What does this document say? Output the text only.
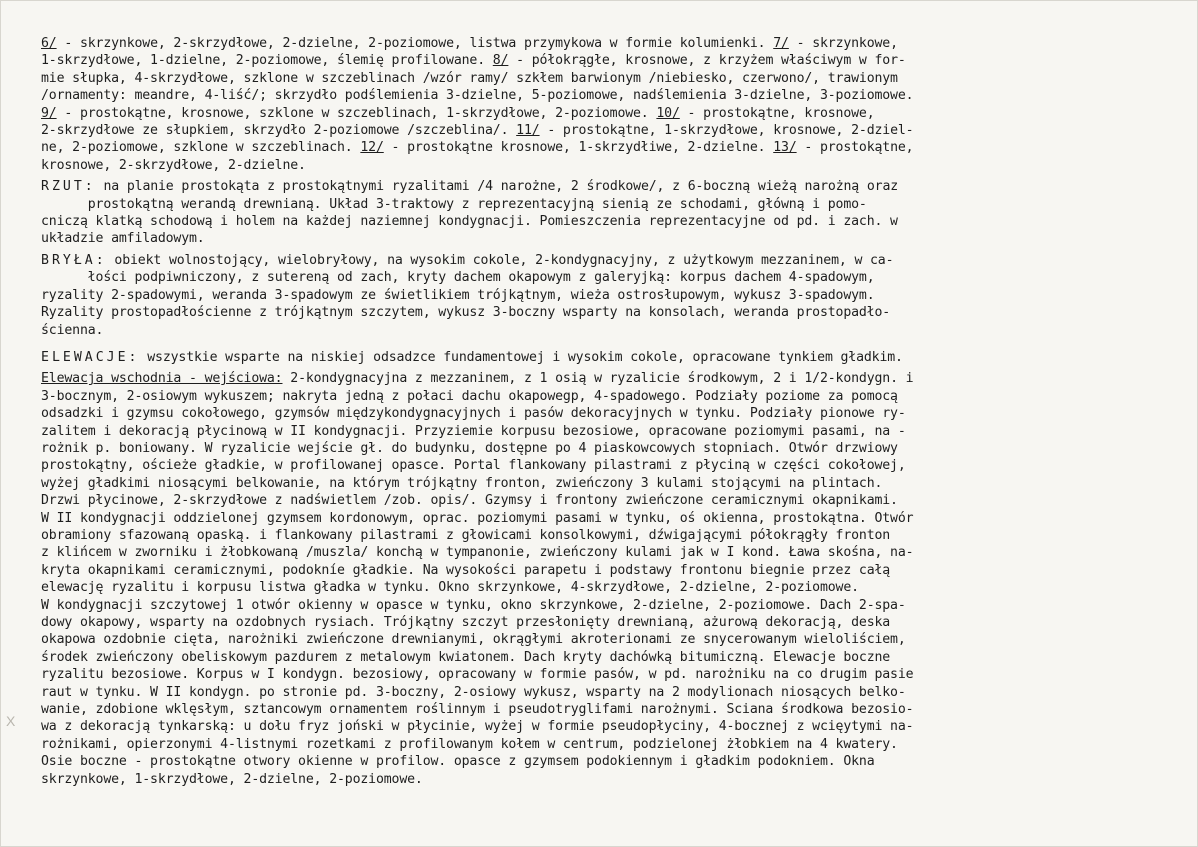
6/ - skrzynkowe, 2-skrzydłowe, 2-dzielne, 2-poziomowe, listwa przymykowa w formie kolumienki. 7/ - skrzynkowe,
1-skrzydłowe, 1-dzielne, 2-poziomowe, ślemię profilowane. 8/ - półokrągłe, krosnowe, z krzyżem właściwym w for-
mie słupka, 4-skrzydłowe, szklone w szczeblinach /wzór ramy/ szkłem barwionym /niebiesko, czerwono/, trawionym
/ornamenty: meandre, 4-liść/; skrzydło podślemienia 3-dzielne, 5-poziomowe, nadślemienia 3-dzielne, 3-poziomowe.
9/ - prostokątne, krosnowe, szklone w szczeblinach, 1-skrzydłowe, 2-poziomowe. 10/ - prostokątne, krosnowe,
2-skrzydłowe ze słupkiem, skrzydło 2-poziomowe /szczeblina/. 11/ - prostokątne, 1-skrzydłowe, krosnowe, 2-dziel-
ne, 2-poziomowe, szklone w szczeblinach. 12/ - prostokątne krosnowe, 1-skrzydłiwe, 2-dzielne. 13/ - prostokątne,
krosnowe, 2-skrzydłowe, 2-dzielne.

RZUT: na planie prostokąta z prostokątnymi ryzalitami /4 narożne, 2 środkowe/, z 6-boczną wieżą narożną oraz
prostokątną werandą drewnianą. Układ 3-traktowy z reprezentacyjną sienią ze schodami, główną i pomo-
cniczą klatką schodową i holem na każdej naziemnej kondygnacji. Pomieszczenia reprezentacyjne od pd. i zach. w
układzie amfiladowym.

BRYŁA: obiekt wolnostojący, wielobryłowy, na wysokim cokole, 2-kondygnacyjny, z użytkowym mezzaninem, w ca-
łości podpiwniczony, z sutereną od zach, kryty dachem okapowym z galeryjką: korpus dachem 4-spadowym,
ryzality 2-spadowymi, weranda 3-spadowym ze świetlikiem trójkątnym, wieża ostrosłupowym, wykusz 3-spadowym.
Ryzality prostopadłościenne z trójkątnym szczytem, wykusz 3-boczny wsparty na konsolach, weranda prostopadło-
ścienna.

ELEWACJE: wszystkie wsparte na niskiej odsadzce fundamentowej i wysokim cokole, opracowane tynkiem gładkim.

Elewacja wschodnia - wejściowa: 2-kondygnacyjna z mezzaninem, z 1 osią w ryzalicie środkowym, 2 i 1/2-kondygn. i
3-bocznym, 2-osiowym wykuszem; nakryta jedną z połaci dachu okapowegp, 4-spadowego. Podziały poziome za pomocą
odsadzki i gzymsu cokołowego, gzymsów międzykondygnacyjnych i pasów dekoracyjnych w tynku. Podziały pionowe ry-
zalitem i dekoracją płycinową w II kondygnacji. Przyziemie korpusu bezosiowe, opracowane poziomymi pasami, na -
rożnik p. boniowany. W ryzalicie wejście gł. do budynku, dostępne po 4 piaskowcowych stopniach. Otwór drzwiowy
prostokątny, ościeże gładkie, w profilowanej opasce. Portal flankowany pilastrami z płyciną w części cokołowej,
wyżej gładkimi niosącymi belkowanie, na którym trójkątny fronton, zwieńczony 3 kulami stojącymi na plintach.
Drzwi płycinowe, 2-skrzydłowe z nadświetlem /zob. opis/. Gzymsy i frontony zwieńczone ceramicznymi okapnikami.
W II kondygnacji oddzielonej gzymsem kordonowym, oprac. poziomymi pasami w tynku, oś okienna, prostokątna. Otwór
obramiony sfazowaną opaską. i flankowany pilastrami z głowicami konsolkowymi, dźwigającymi półokrągły fronton
z klińcem w zworniku i żłobkowaną /muszla/ konchą w tympanonie, zwieńczony kulami jak w I kond. Ława skośna, na-
kryta okapnikami ceramicznymi, podokníe gładkie. Na wysokości parapetu i podstawy frontonu biegnie przez całą
elewację ryzalitu i korpusu listwa gładka w tynku. Okno skrzynkowe, 4-skrzydłowe, 2-dzielne, 2-poziomowe.
W kondygnacji szczytowej 1 otwór okienny w opasce w tynku, okno skrzynkowe, 2-dzielne, 2-poziomowe. Dach 2-spa-
dowy okapowy, wsparty na ozdobnych rysiach. Trójkątny szczyt przesłonięty drewnianą, ażurową dekoracją, deska
okapowa ozdobnie cięta, narożniki zwieńczone drewnianymi, okrągłymi akroterionami ze snycerowanym wieloliściem,
środek zwieńczony obeliskowym pazdurem z metalowym kwiatonem. Dach kryty dachówką bitumiczną. Elewacje boczne
ryzalitu bezosiowe. Korpus w I kondygn. bezosiowy, opracowany w formie pasów, w pd. narożniku na co drugim pasie
raut w tynku. W II kondygn. po stronie pd. 3-boczny, 2-osiowy wykusz, wsparty na 2 modylionach niosących belko-
wanie, zdobione wklęsłym, sztancowym ornamentem roślinnym i pseudotryglifami narożnymi. Sciana środkowa bezosio-
wa z dekoracją tynkarską: u dołu fryz joński w płycinie, wyżej w formie pseudopłyciny, 4-bocznej z wcięytymi na-
rożnikami, opierzonymi 4-listnymi rozetkami z profilowanym kołem w centrum, podzielonej żłobkiem na 4 kwatery.
Osie boczne - prostokątne otwory okienne w profilow. opasce z gzymsem podokiennym i gładkim podokniem. Okna
skrzynkowe, 1-skrzydłowe, 2-dzielne, 2-poziomowe.

X
